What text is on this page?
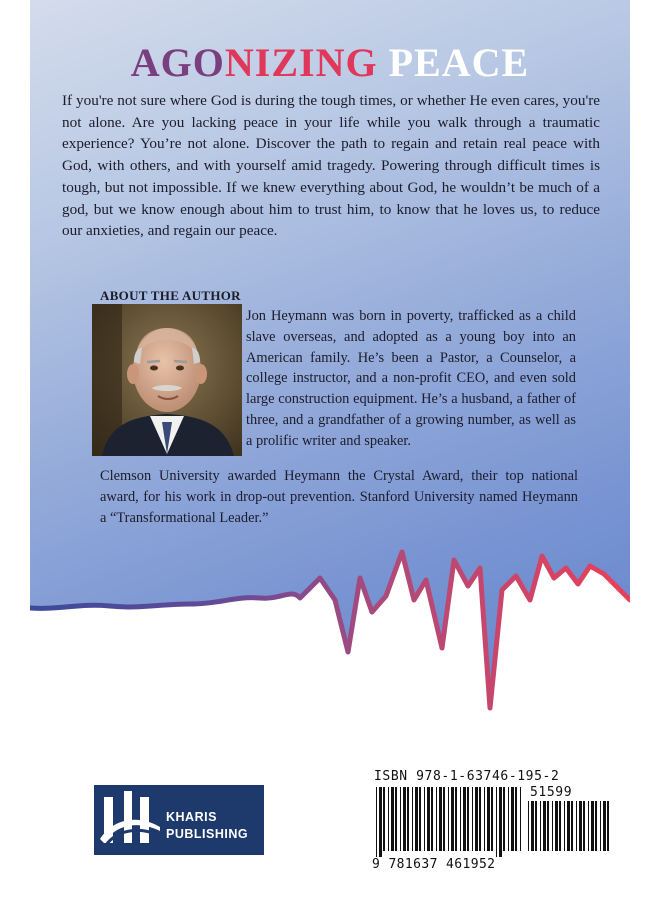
AGONIZING PEACE

If you're not sure where God is during the tough times, or whether He even cares, you're not alone. Are you lacking peace in your life while you walk through a traumatic experience? You’re not alone. Discover the path to regain and retain real peace with God, with others, and with yourself amid tragedy. Powering through difficult times is tough, but not impossible. If we knew everything about God, he wouldn’t be much of a god, but we know enough about him to trust him, to know that he loves us, to reduce our anxieties, and regain our peace.

ABOUT THE AUTHOR

Jon Heymann was born in poverty, trafficked as a child slave overseas, and adopted as a young boy into an American family. He’s been a Pastor, a Counselor, a college instructor, and a non-profit CEO, and even sold large construction equipment. He’s a husband, a father of three, and a grandfather of a growing number, as well as a prolific writer and speaker.

Clemson University awarded Heymann the Crystal Award, their top national award, for his work in drop-out prevention. Stanford University named Heymann a “Transformational Leader.”

KHARIS
PUBLISHING

ISBN 978-1-63746-195-2

51599

9 781637 461952
